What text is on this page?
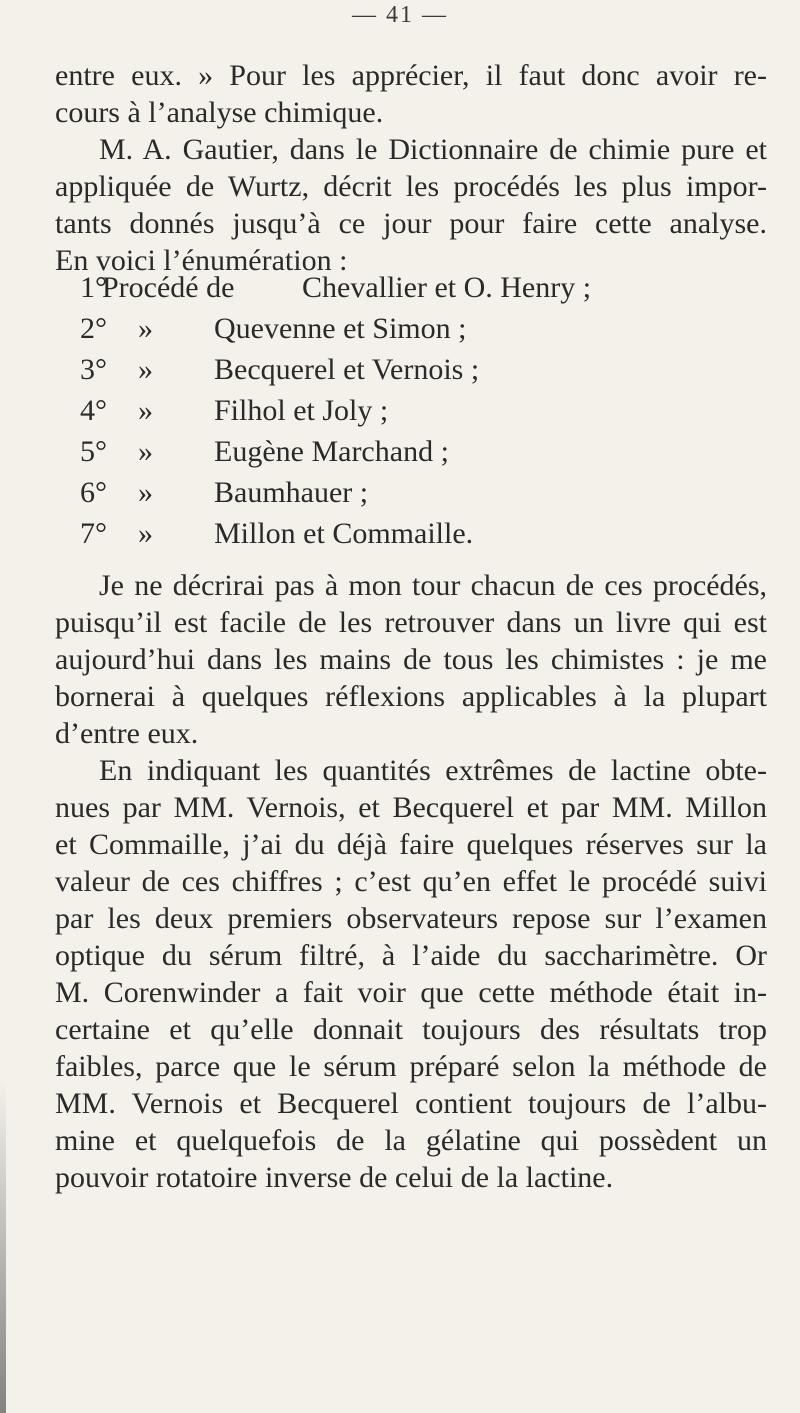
— 41 —
entre eux. » Pour les apprécier, il faut donc avoir re-
cours à l’analyse chimique.
M. A. Gautier, dans le Dictionnaire de chimie pure et
appliquée de Wurtz, décrit les procédés les plus impor-
tants donnés jusqu’à ce jour pour faire cette analyse.
En voici l’énumération :
1°
Procédé de Chevallier et O. Henry ;
2° » Quevenne et Simon ;
3° » Becquerel et Vernois ;
4° » Filhol et Joly ;
5° » Eugène Marchand ;
6° » Baumhauer ;
7° » Millon et Commaille.
Je ne décrirai pas à mon tour chacun de ces procédés,
puisqu’il est facile de les retrouver dans un livre qui est
aujourd’hui dans les mains de tous les chimistes : je me
bornerai à quelques réflexions applicables à la plupart
d’entre eux.
En indiquant les quantités extrêmes de lactine obte-
nues par MM. Vernois, et Becquerel et par MM. Millon
et Commaille, j’ai du déjà faire quelques réserves sur la
valeur de ces chiffres ; c’est qu’en effet le procédé suivi
par les deux premiers observateurs repose sur l’examen
optique du sérum filtré, à l’aide du saccharimètre. Or
M. Corenwinder a fait voir que cette méthode était in-
certaine et qu’elle donnait toujours des résultats trop
faibles, parce que le sérum préparé selon la méthode de
MM. Vernois et Becquerel contient toujours de l’albu-
mine et quelquefois de la gélatine qui possèdent un
pouvoir rotatoire inverse de celui de la lactine.
